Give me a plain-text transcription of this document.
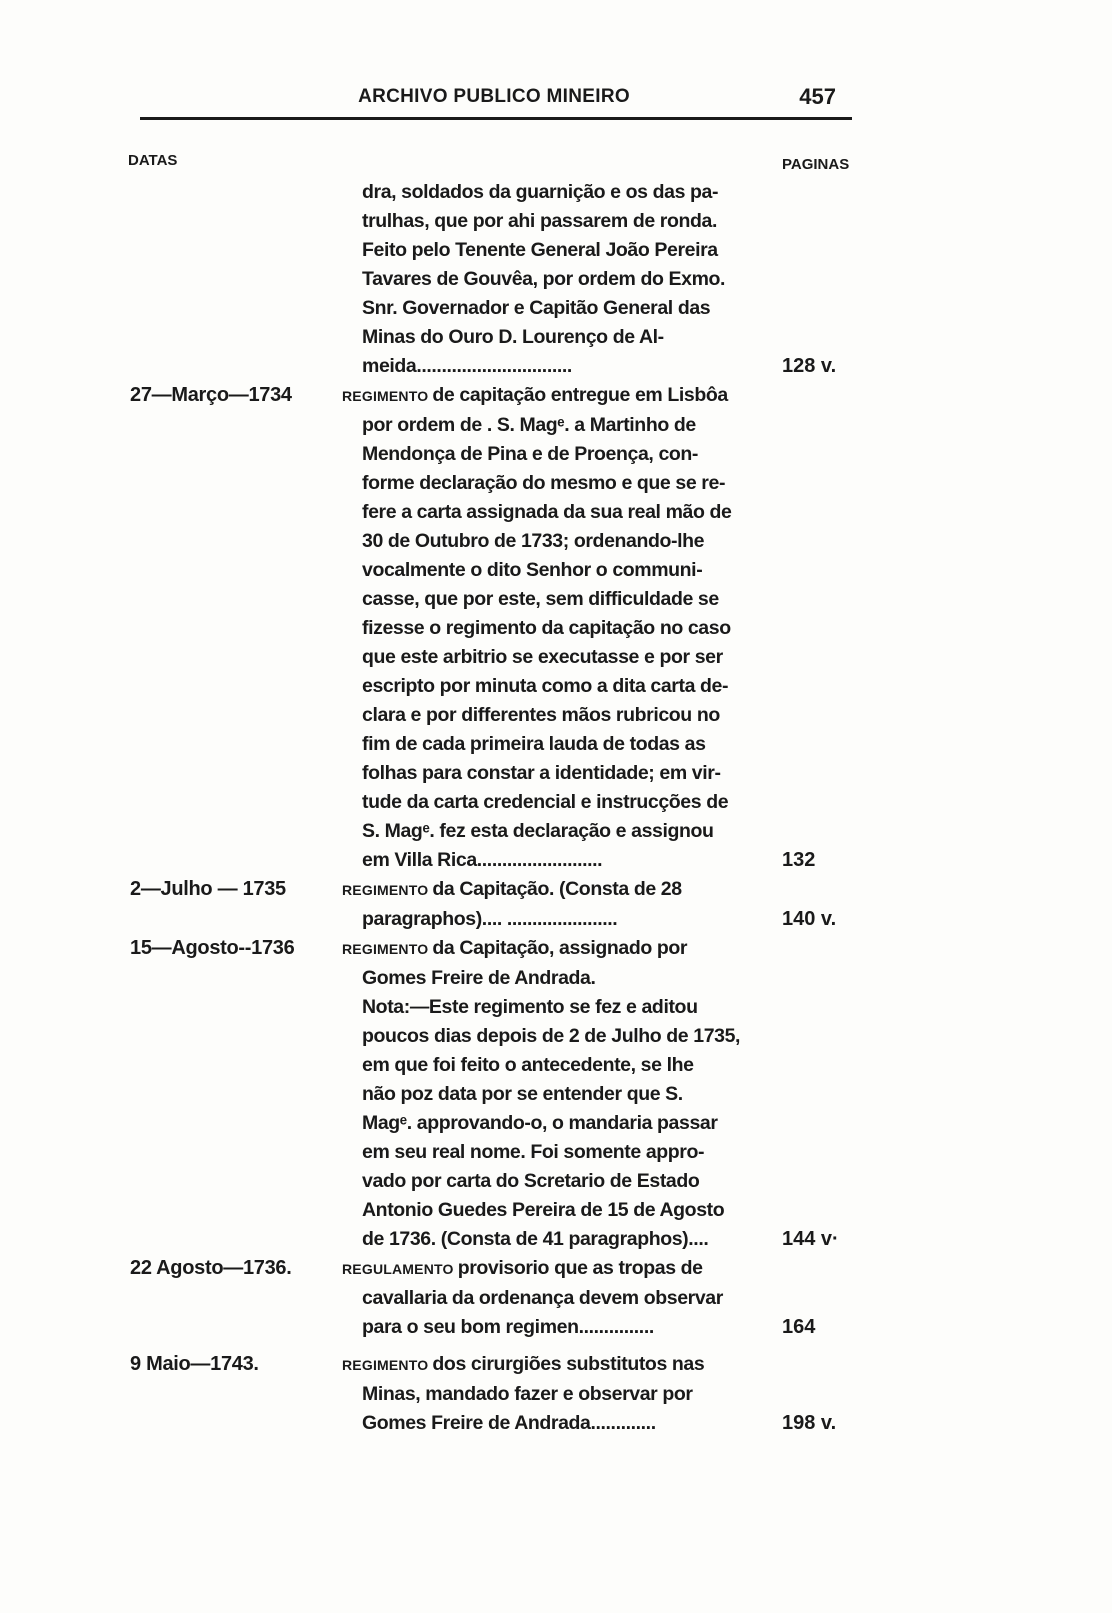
ARCHIVO PUBLICO MINEIRO	457
DATAS	PAGINAS
dra, soldados da guarnição e os das pa-
trulhas, que por ahi passarem de ronda.
Feito pelo Tenente General João Pereira
Tavares de Gouvêa, por ordem do Exmo.
Snr. Governador e Capitão General das
Minas do Ouro D. Lourenço de Al-
meida...............................	128 v.
27—Março—1734	REGIMENTO de capitação entregue em Lisbôa
por ordem de . S. Magᵉ. a Martinho de
Mendonça de Pina e de Proença, con-
forme declaração do mesmo e que se re-
fere a carta assignada da sua real mão de
30 de Outubro de 1733; ordenando-lhe
vocalmente o dito Senhor o communi-
casse, que por este, sem difficuldade se
fizesse o regimento da capitação no caso
que este arbitrio se executasse e por ser
escripto por minuta como a dita carta de-
clara e por differentes mãos rubricou no
fim de cada primeira lauda de todas as
folhas para constar a identidade; em vir-
tude da carta credencial e instrucções de
S. Magᵉ. fez esta declaração e assignou
em Villa Rica.........................	132
2—Julho — 1735	REGIMENTO da Capitação. (Consta de 28
paragraphos).... ......................	140 v.
15—Agosto--1736	REGIMENTO da Capitação, assignado por
Gomes Freire de Andrada.
Nota:—Este regimento se fez e aditou
poucos dias depois de 2 de Julho de 1735,
em que foi feito o antecedente, se lhe
não poz data por se entender que S.
Magᵉ. approvando-o, o mandaria passar
em seu real nome. Foi somente appro-
vado por carta do Scretario de Estado
Antonio Guedes Pereira de 15 de Agosto
de 1736. (Consta de 41 paragraphos)....	144 v·
22 Agosto—1736.	REGULAMENTO provisorio que as tropas de
cavallaria da ordenança devem observar
para o seu bom regimen...............	164
9 Maio—1743.	REGIMENTO dos cirurgiões substitutos nas
Minas, mandado fazer e observar por
Gomes Freire de Andrada.............	198 v.
